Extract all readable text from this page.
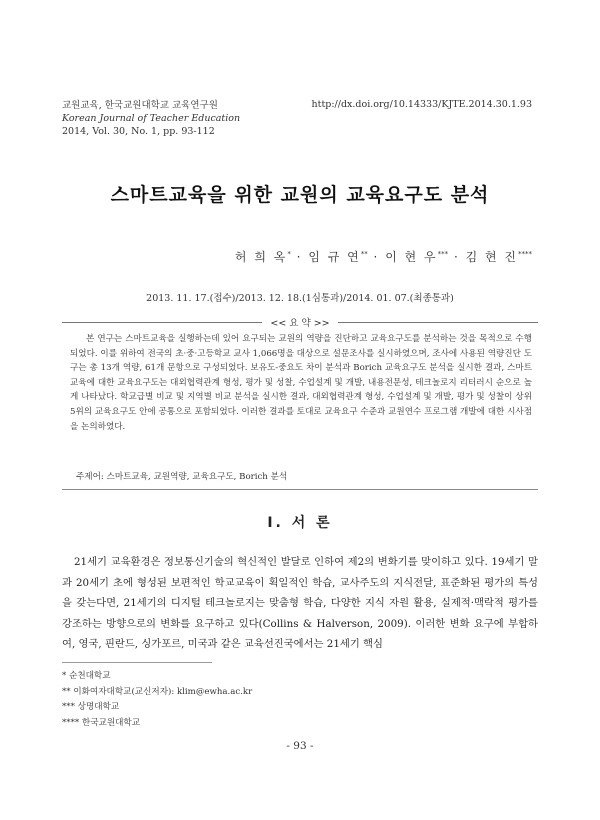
교원교육, 한국교원대학교 교육연구원
Korean Journal of Teacher Education
2014, Vol. 30, No. 1, pp. 93-112
http://dx.doi.org/10.14333/KJTE.2014.30.1.93
스마트교육을 위한 교원의 교육요구도 분석
허 희 옥* · 임 규 연** · 이 현 우*** · 김 현 진****
2013. 11. 17.(접수)/2013. 12. 18.(1심통과)/2014. 01. 07.(최종통과)
<< 요 약 >>

본 연구는 스마트교육을 실행하는데 있어 요구되는 교원의 역량을 진단하고 교육요구도를 분석하는 것을 목적으로 수행되었다. 이를 위하여 전국의 초·중·고등학교 교사 1,066명을 대상으로 설문조사를 실시하였으며, 조사에 사용된 역량진단 도구는 총 13개 역량, 61개 문항으로 구성되었다. 보유도-중요도 차이 분석과 Borich 교육요구도 분석을 실시한 결과, 스마트교육에 대한 교육요구도는 대외협력관계 형성, 평가 및 성찰, 수업설계 및 개발, 내용전문성, 테크놀로지 리터러시 순으로 높게 나타났다. 학교급별 비교 및 지역별 비교 분석을 실시한 결과, 대외협력관계 형성, 수업설계 및 개발, 평가 및 성찰이 상위 5위의 교육요구도 안에 공통으로 포함되었다. 이러한 결과를 토대로 교육요구 수준과 교원연수 프로그램 개발에 대한 시사점을 논의하였다.

주제어: 스마트교육, 교원역량, 교육요구도, Borich 분석
Ⅰ. 서 론

21세기 교육환경은 정보통신기술의 혁신적인 발달로 인하여 제2의 변화기를 맞이하고 있다. 19세기 말과 20세기 초에 형성된 보편적인 학교교육이 획일적인 학습, 교사주도의 지식전달, 표준화된 평가의 특성을 갖는다면, 21세기의 디지털 테크놀로지는 맞춤형 학습, 다양한 지식 자원 활용, 실제적·맥락적 평가를 강조하는 방향으로의 변화를 요구하고 있다(Collins & Halverson, 2009). 이러한 변화 요구에 부합하여, 영국, 핀란드, 싱가포르, 미국과 같은 교육선진국에서는 21세기 핵심

* 순천대학교
** 이화여자대학교(교신저자): klim@ewha.ac.kr
*** 상명대학교
**** 한국교원대학교
- 93 -
